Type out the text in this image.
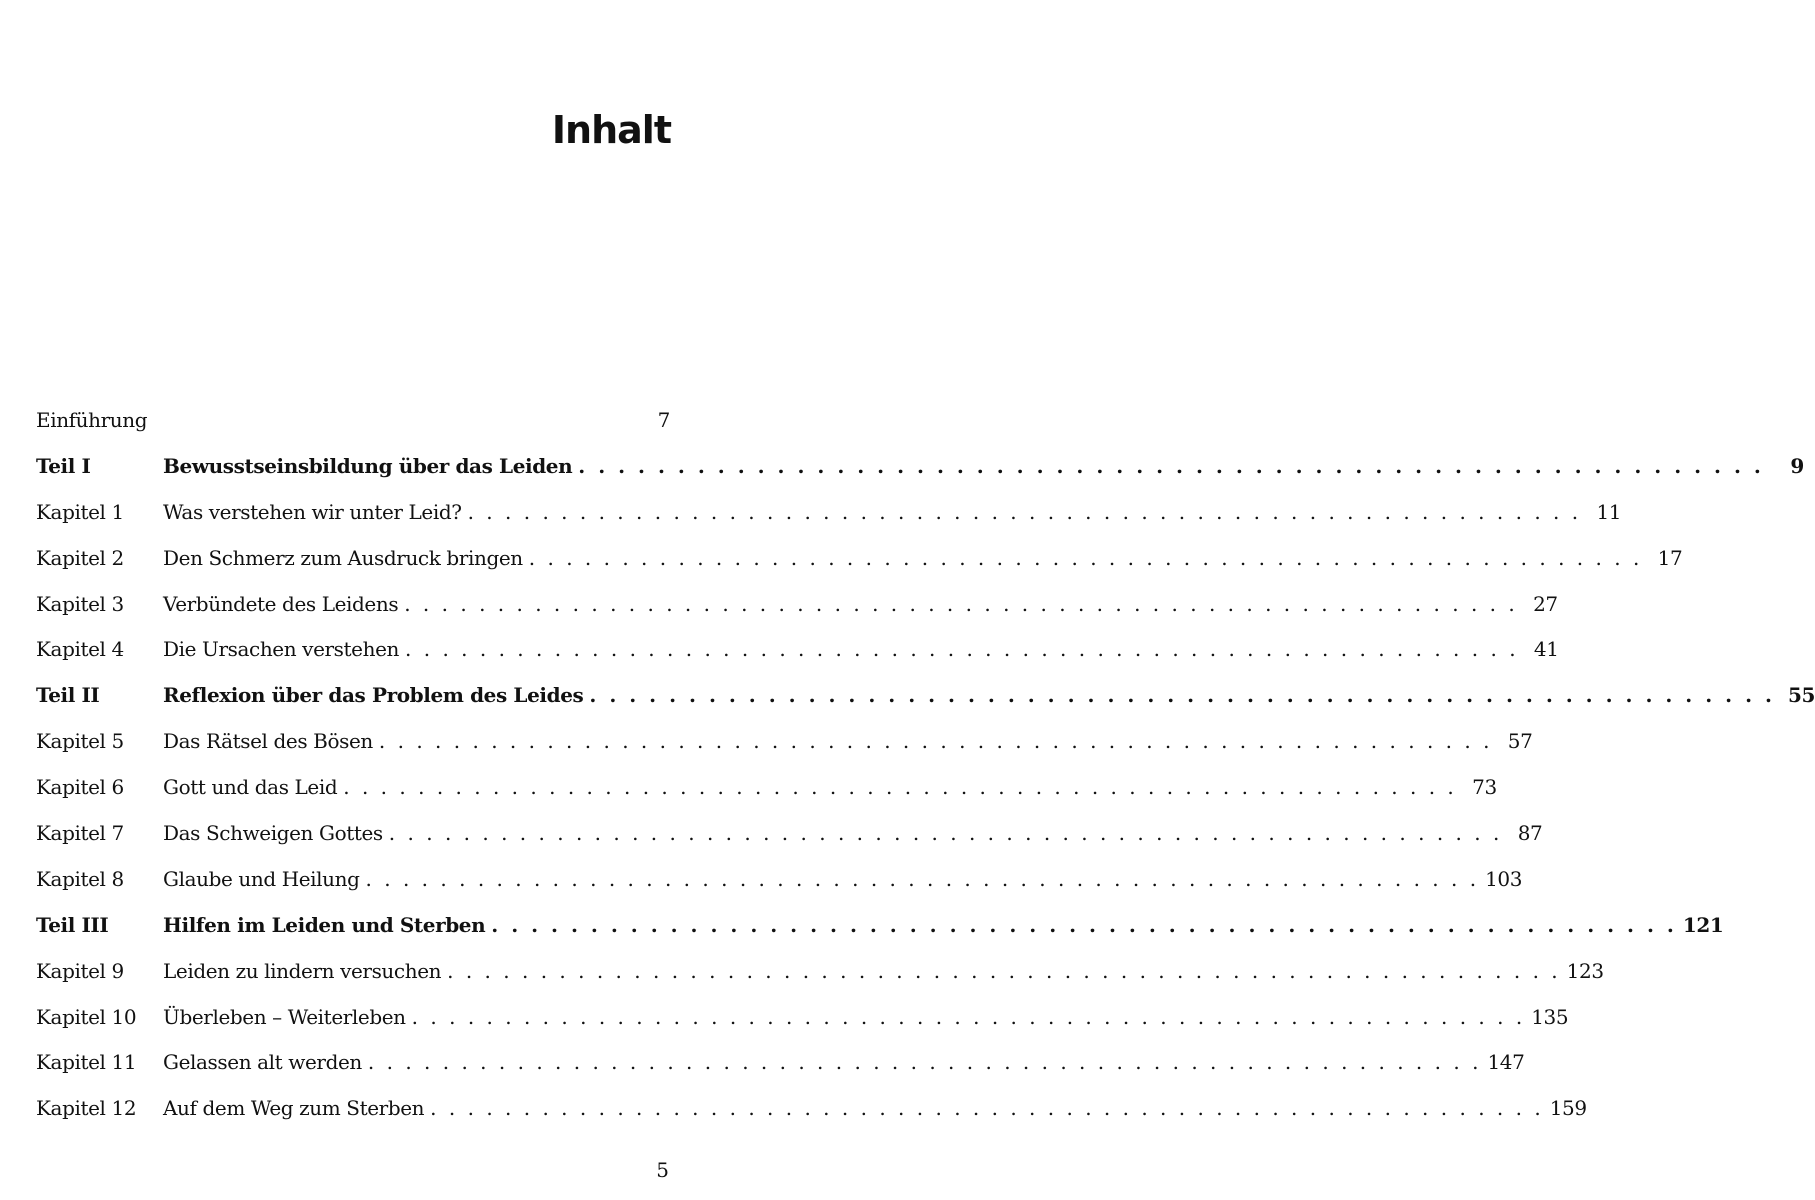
Inhalt
Einführung	7
Teil I	Bewusstseinsbildung über das Leiden . . . . . . . . . . . . . . . . . . . . . . . . . . . . . . . . . . . . . . . . . . . . . . . . . . . . . . . . . . . .	9
Kapitel 1	Was verstehen wir unter Leid? . . . . . . . . . . . . . . . . . . . . . . . . . . . . . . . . . . . . . . . . . . . . . . . . . . . . . . . . . . . . 11
Kapitel 2	Den Schmerz zum Ausdruck bringen . . . . . . . . . . . . . . . . . . . . . . . . . . . . . . . . . . . . . . . . . . . . . . . . . . . . . . . . . . . . 17
Kapitel 3	Verbündete des Leidens . . . . . . . . . . . . . . . . . . . . . . . . . . . . . . . . . . . . . . . . . . . . . . . . . . . . . . . . . . . . 27
Kapitel 4	Die Ursachen verstehen . . . . . . . . . . . . . . . . . . . . . . . . . . . . . . . . . . . . . . . . . . . . . . . . . . . . . . . . . . . . 41
Teil II	Reflexion über das Problem des Leides . . . . . . . . . . . . . . . . . . . . . . . . . . . . . . . . . . . . . . . . . . . . . . . . . . . . . . . . . . . . 55
Kapitel 5	Das Rätsel des Bösen . . . . . . . . . . . . . . . . . . . . . . . . . . . . . . . . . . . . . . . . . . . . . . . . . . . . . . . . . . . . 57
Kapitel 6	Gott und das Leid . . . . . . . . . . . . . . . . . . . . . . . . . . . . . . . . . . . . . . . . . . . . . . . . . . . . . . . . . . . . 73
Kapitel 7	Das Schweigen Gottes . . . . . . . . . . . . . . . . . . . . . . . . . . . . . . . . . . . . . . . . . . . . . . . . . . . . . . . . . . . . 87
Kapitel 8	Glaube und Heilung . . . . . . . . . . . . . . . . . . . . . . . . . . . . . . . . . . . . . . . . . . . . . . . . . . . . . . . . . . . . 103
Teil III	Hilfen im Leiden und Sterben . . . . . . . . . . . . . . . . . . . . . . . . . . . . . . . . . . . . . . . . . . . . . . . . . . . . . . . . . . . . 121
Kapitel 9	Leiden zu lindern versuchen . . . . . . . . . . . . . . . . . . . . . . . . . . . . . . . . . . . . . . . . . . . . . . . . . . . . . . . . . . . . 123
Kapitel 10	Überleben – Weiterleben . . . . . . . . . . . . . . . . . . . . . . . . . . . . . . . . . . . . . . . . . . . . . . . . . . . . . . . . . . . . 135
Kapitel 11	Gelassen alt werden . . . . . . . . . . . . . . . . . . . . . . . . . . . . . . . . . . . . . . . . . . . . . . . . . . . . . . . . . . . . 147
Kapitel 12	Auf dem Weg zum Sterben . . . . . . . . . . . . . . . . . . . . . . . . . . . . . . . . . . . . . . . . . . . . . . . . . . . . . . . . . . . . 159
5
